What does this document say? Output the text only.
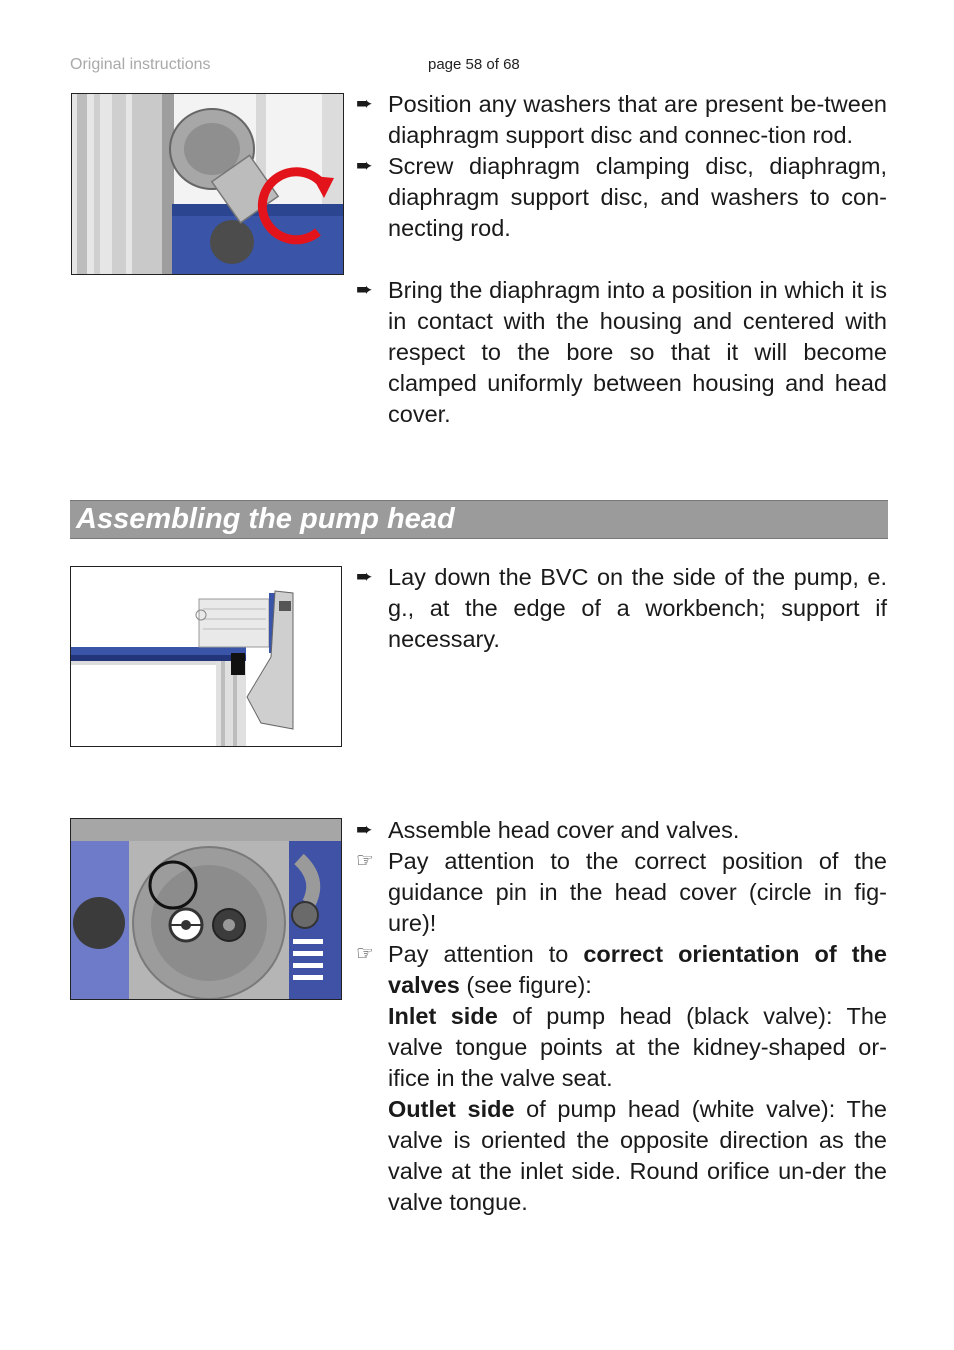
Original instructions	page 58 of 68
➨ Position any washers that are present be-tween diaphragm support disc and connec-tion rod.
➨ Screw diaphragm clamping disc, diaphragm, diaphragm support disc, and washers to con-necting rod.
➨ Bring the diaphragm into a position in which it is in contact with the housing and centered with respect to the bore so that it will become clamped uniformly between housing and head cover.
Assembling the pump head
➨ Lay down the BVC on the side of the pump, e. g., at the edge of a workbench; support if necessary.
➨ Assemble head cover and valves.
☞ Pay attention to the correct position of the guidance pin in the head cover (circle in fig-ure)!
☞ Pay attention to correct orientation of the valves (see figure):
Inlet side of pump head (black valve): The valve tongue points at the kidney-shaped or-ifice in the valve seat.
Outlet side of pump head (white valve): The valve is oriented the opposite direction as the valve at the inlet side. Round orifice un-der the valve tongue.
